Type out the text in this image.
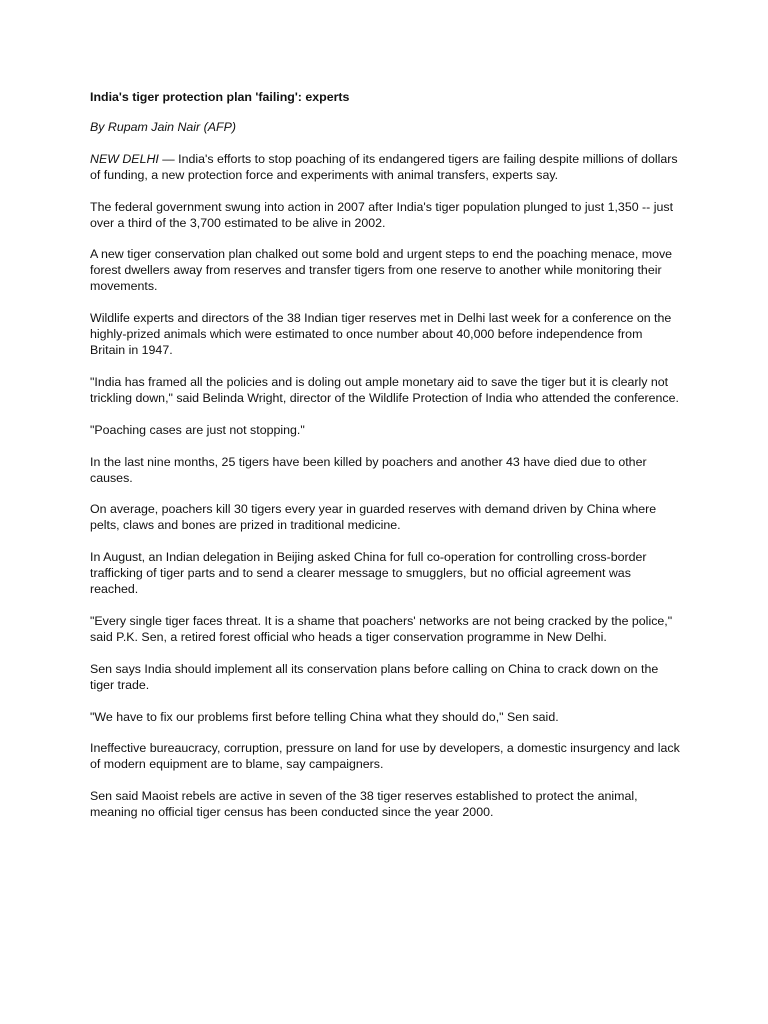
India's tiger protection plan 'failing': experts
By Rupam Jain Nair (AFP)
NEW DELHI — India's efforts to stop poaching of its endangered tigers are failing despite millions of dollars of funding, a new protection force and experiments with animal transfers, experts say.
The federal government swung into action in 2007 after India's tiger population plunged to just 1,350 -- just over a third of the 3,700 estimated to be alive in 2002.
A new tiger conservation plan chalked out some bold and urgent steps to end the poaching menace, move forest dwellers away from reserves and transfer tigers from one reserve to another while monitoring their movements.
Wildlife experts and directors of the 38 Indian tiger reserves met in Delhi last week for a conference on the highly-prized animals which were estimated to once number about 40,000 before independence from Britain in 1947.
"India has framed all the policies and is doling out ample monetary aid to save the tiger but it is clearly not trickling down," said Belinda Wright, director of the Wildlife Protection of India who attended the conference.
"Poaching cases are just not stopping."
In the last nine months, 25 tigers have been killed by poachers and another 43 have died due to other causes.
On average, poachers kill 30 tigers every year in guarded reserves with demand driven by China where pelts, claws and bones are prized in traditional medicine.
In August, an Indian delegation in Beijing asked China for full co-operation for controlling cross-border trafficking of tiger parts and to send a clearer message to smugglers, but no official agreement was reached.
"Every single tiger faces threat. It is a shame that poachers' networks are not being cracked by the police," said P.K. Sen, a retired forest official who heads a tiger conservation programme in New Delhi.
Sen says India should implement all its conservation plans before calling on China to crack down on the tiger trade.
"We have to fix our problems first before telling China what they should do," Sen said.
Ineffective bureaucracy, corruption, pressure on land for use by developers, a domestic insurgency and lack of modern equipment are to blame, say campaigners.
Sen said Maoist rebels are active in seven of the 38 tiger reserves established to protect the animal, meaning no official tiger census has been conducted since the year 2000.
